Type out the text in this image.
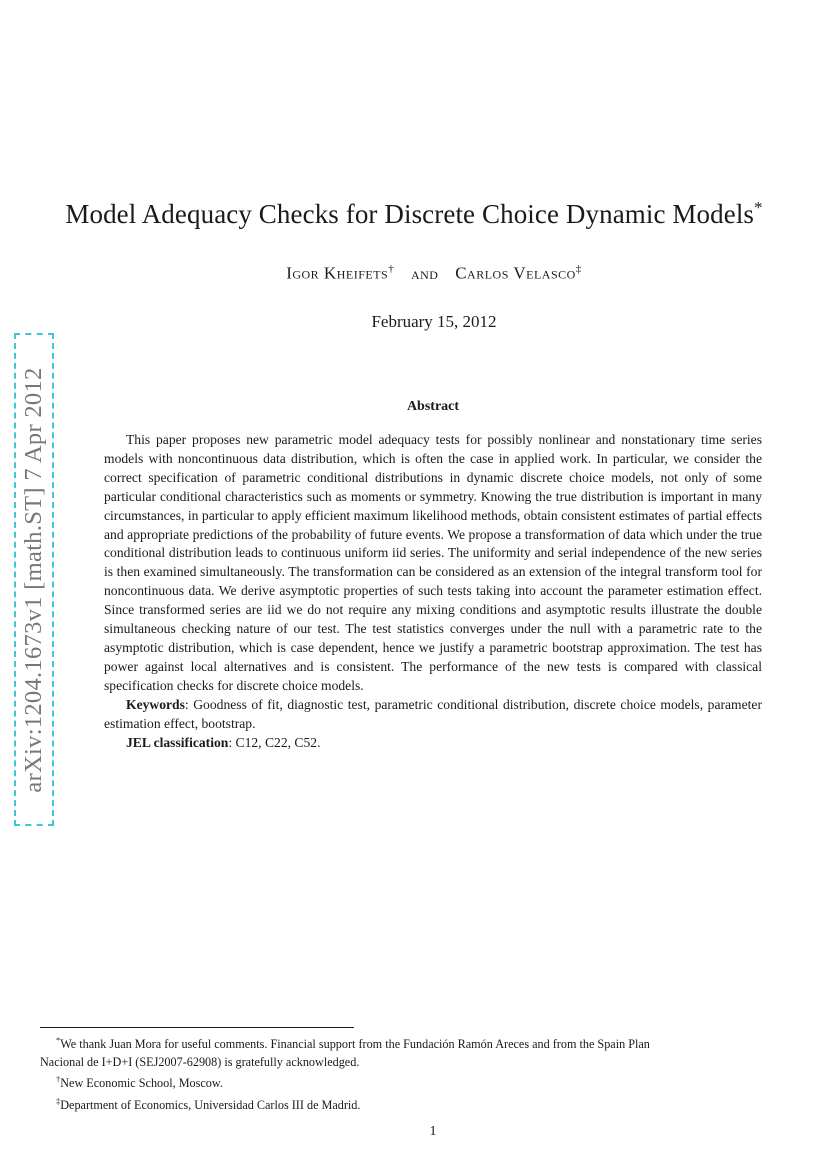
Model Adequacy Checks for Discrete Choice Dynamic Models*
Igor Kheifets† and Carlos Velasco‡
February 15, 2012
Abstract

This paper proposes new parametric model adequacy tests for possibly nonlinear and nonstationary time series models with noncontinuous data distribution, which is often the case in applied work. In particular, we consider the correct specification of parametric conditional distributions in dynamic discrete choice models, not only of some particular conditional characteristics such as moments or symmetry. Knowing the true distribution is important in many circumstances, in particular to apply efficient maximum likelihood methods, obtain consistent estimates of partial effects and appropriate predictions of the probability of future events. We propose a transformation of data which under the true conditional distribution leads to continuous uniform iid series. The uniformity and serial independence of the new series is then examined simultaneously. The transformation can be considered as an extension of the integral transform tool for noncontinuous data. We derive asymptotic properties of such tests taking into account the parameter estimation effect. Since transformed series are iid we do not require any mixing conditions and asymptotic results illustrate the double simultaneous checking nature of our test. The test statistics converges under the null with a parametric rate to the asymptotic distribution, which is case dependent, hence we justify a parametric bootstrap approximation. The test has power against local alternatives and is consistent. The performance of the new tests is compared with classical specification checks for discrete choice models.

Keywords: Goodness of fit, diagnostic test, parametric conditional distribution, discrete choice models, parameter estimation effect, bootstrap.

JEL classification: C12, C22, C52.

arXiv:1204.1673v1 [math.ST] 7 Apr 2012
*We thank Juan Mora for useful comments. Financial support from the Fundación Ramón Areces and from the Spain Plan
Nacional de I+D+I (SEJ2007-62908) is gratefully acknowledged.
†New Economic School, Moscow.
‡Department of Economics, Universidad Carlos III de Madrid.
1
